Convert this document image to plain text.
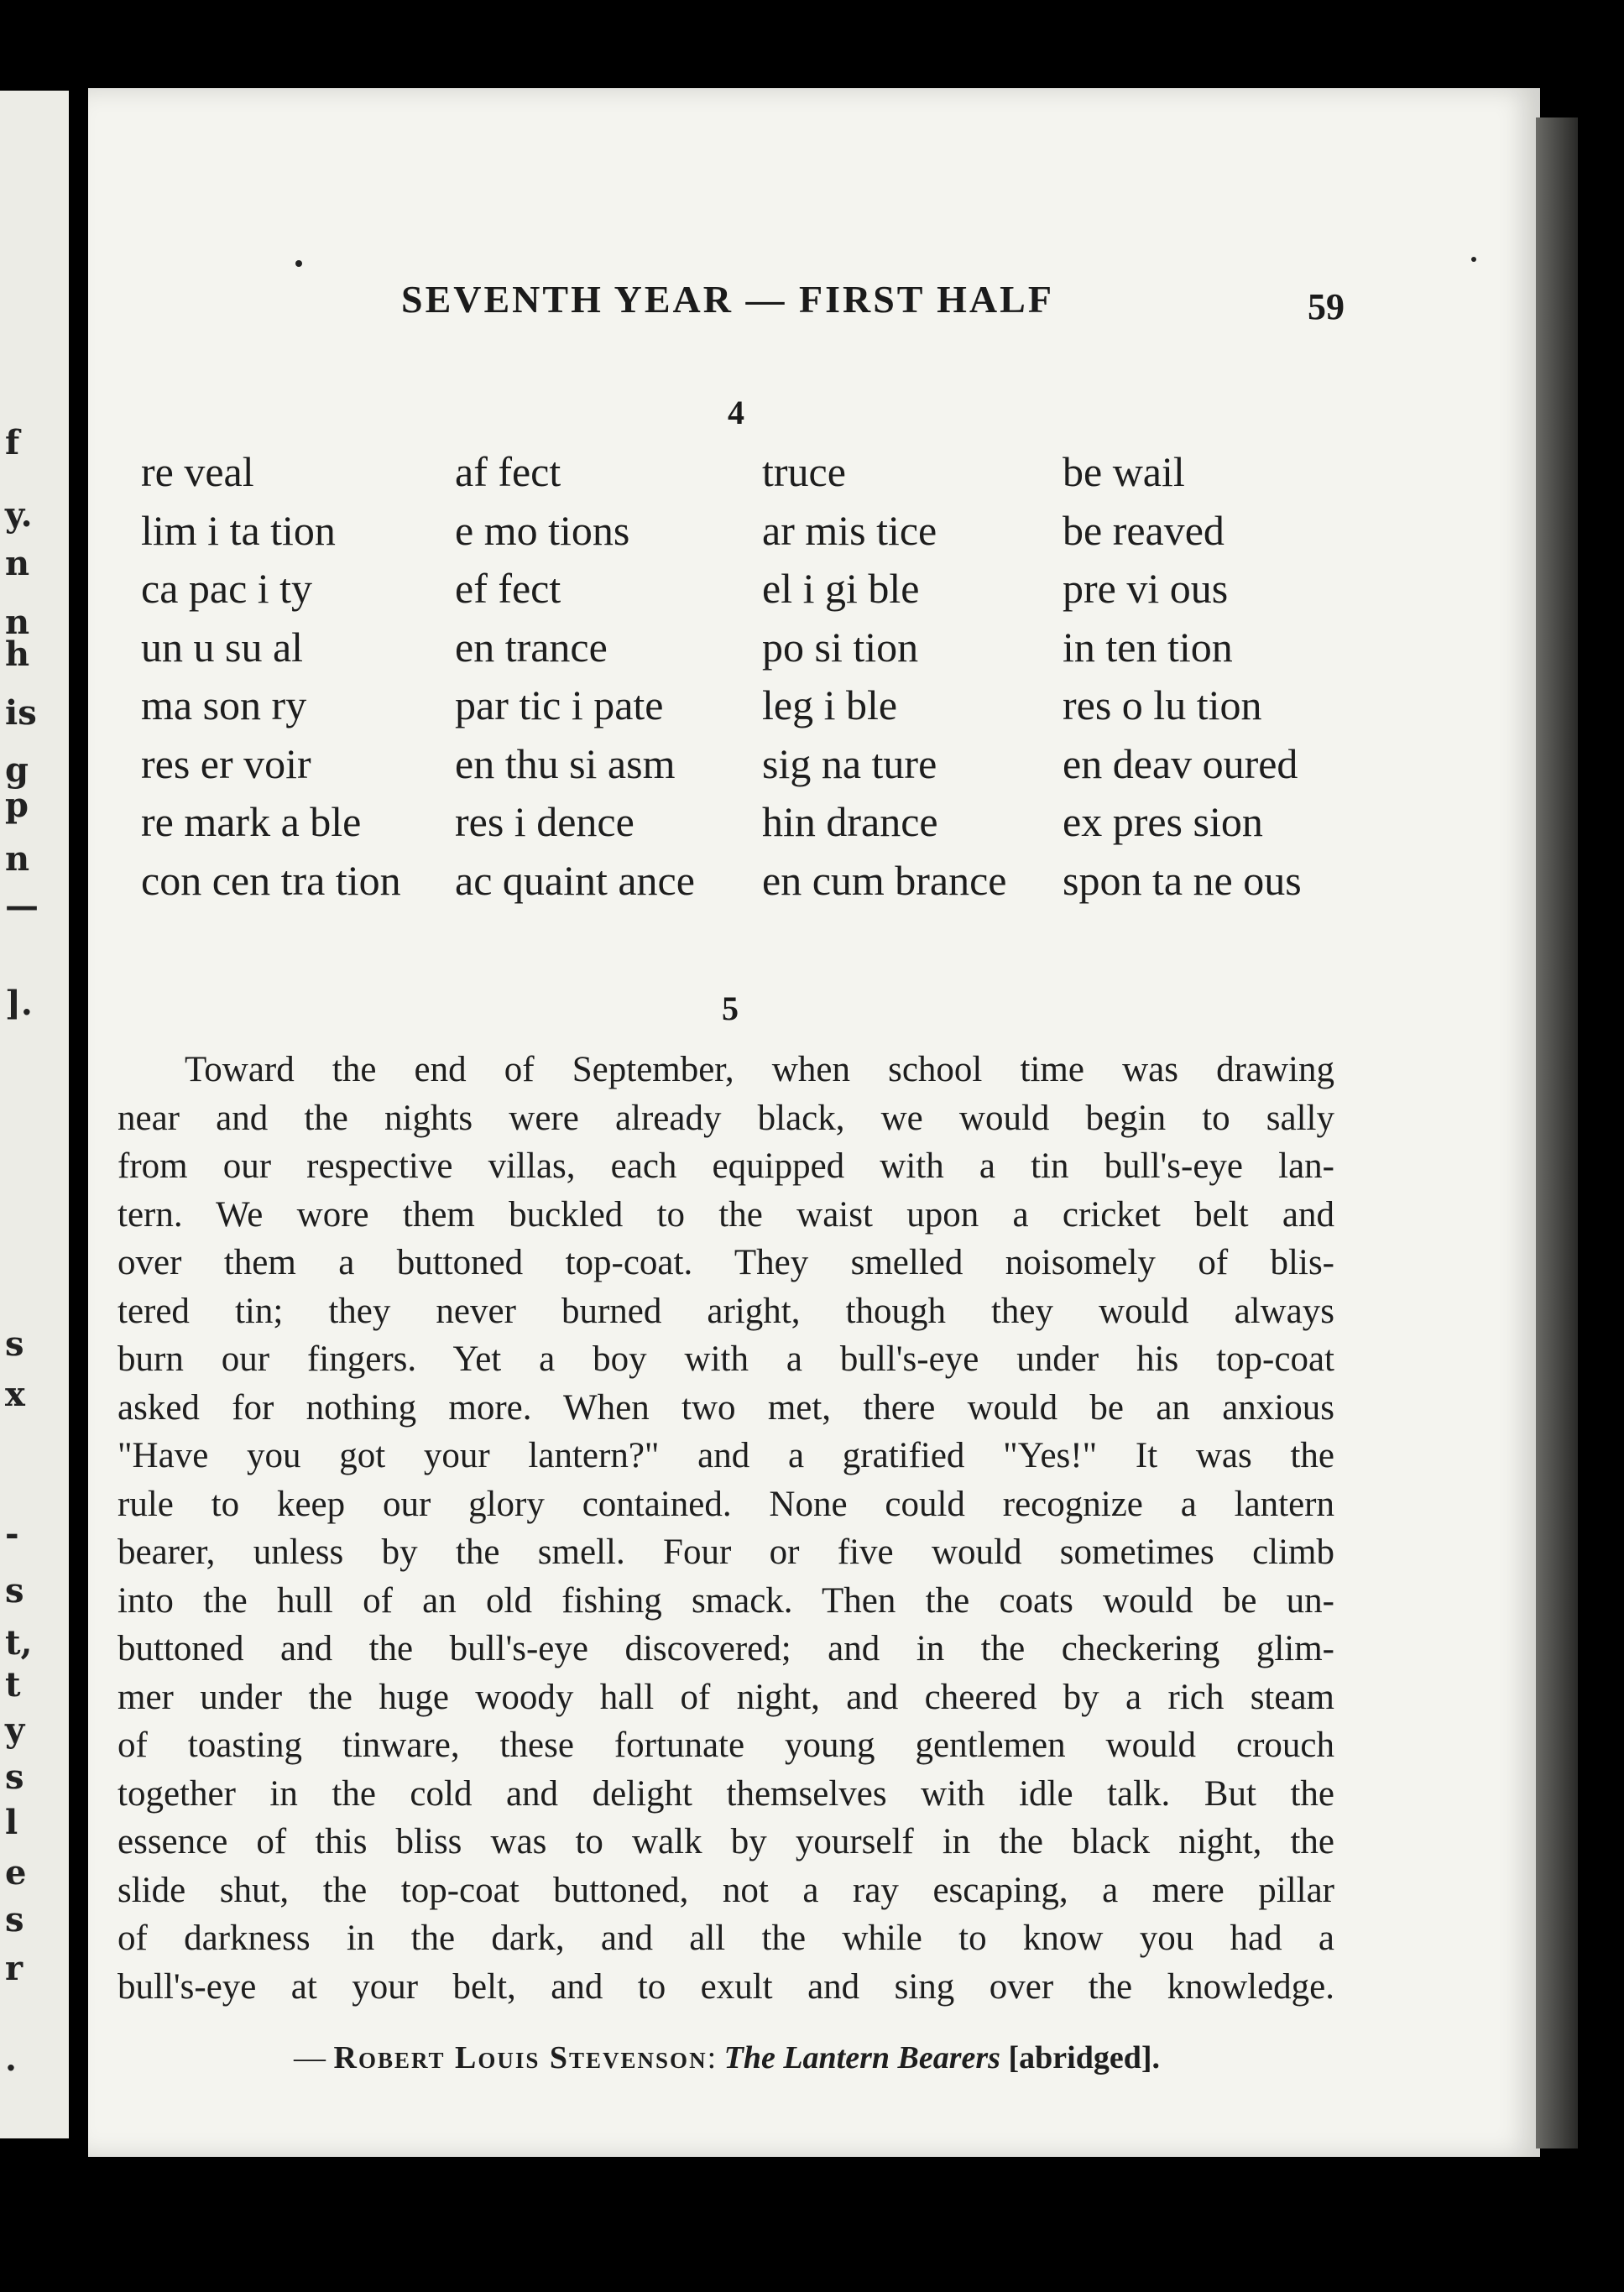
f
y.
n
n
h
is
g
p
n
—
].
s
x
-
s
t,
t
y
s
l
e
s
r
.
SEVENTH YEAR — FIRST HALF	59
4
re veal
lim i ta tion
ca pac i ty
un u su al
ma son ry
res er voir
re mark a ble
con cen tra tion
af fect
e mo tions
ef fect
en trance
par tic i pate
en thu si asm
res i dence
ac quaint ance
truce
ar mis tice
el i gi ble
po si tion
leg i ble
sig na ture
hin drance
en cum brance
be wail
be reaved
pre vi ous
in ten tion
res o lu tion
en deav oured
ex pres sion
spon ta ne ous
5
Toward the end of September, when school time was drawing
near and the nights were already black, we would begin to sally
from our respective villas, each equipped with a tin bull's-eye lan-
tern. We wore them buckled to the waist upon a cricket belt and
over them a buttoned top-coat. They smelled noisomely of blis-
tered tin; they never burned aright, though they would always
burn our fingers. Yet a boy with a bull's-eye under his top-coat
asked for nothing more. When two met, there would be an anxious
"Have you got your lantern?" and a gratified "Yes!" It was the
rule to keep our glory contained. None could recognize a lantern
bearer, unless by the smell. Four or five would sometimes climb
into the hull of an old fishing smack. Then the coats would be un-
buttoned and the bull's-eye discovered; and in the checkering glim-
mer under the huge woody hall of night, and cheered by a rich steam
of toasting tinware, these fortunate young gentlemen would crouch
together in the cold and delight themselves with idle talk. But the
essence of this bliss was to walk by yourself in the black night, the
slide shut, the top-coat buttoned, not a ray escaping, a mere pillar
of darkness in the dark, and all the while to know you had a
bull's-eye at your belt, and to exult and sing over the knowledge.
— Robert Louis Stevenson: The Lantern Bearers [abridged].
